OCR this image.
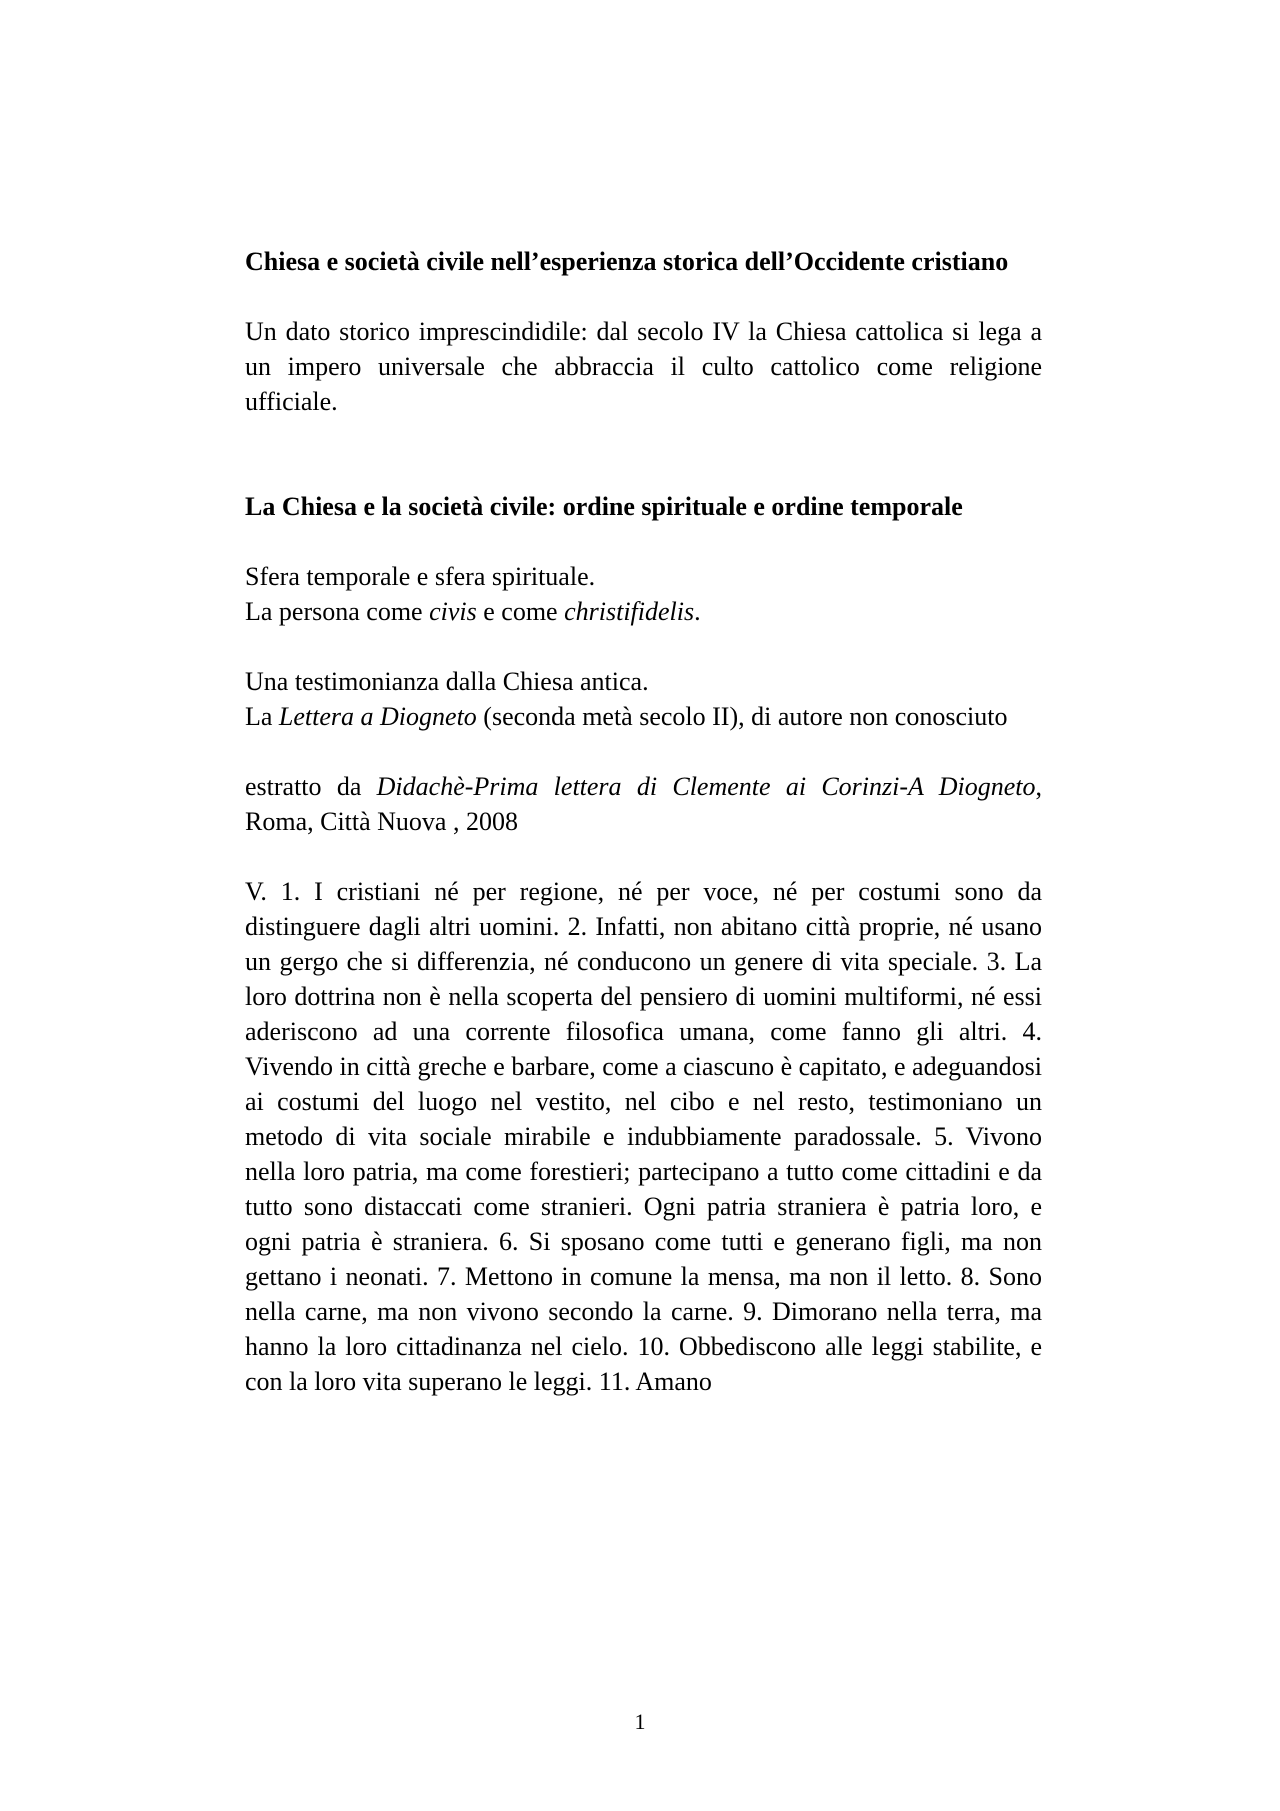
Chiesa e società civile nell’esperienza storica dell’Occidente cristiano

Un dato storico imprescindidile: dal secolo IV la Chiesa cattolica si lega a un impero universale che abbraccia il culto cattolico come religione ufficiale.

La Chiesa e la società civile: ordine spirituale e ordine temporale

Sfera temporale e sfera spirituale.

La persona come civis e come christifidelis.

Una testimonianza dalla Chiesa antica.

La Lettera a Diogneto (seconda metà secolo II), di autore non conosciuto

estratto da Didachè-Prima lettera di Clemente ai Corinzi-A Diogneto, Roma, Città Nuova , 2008

V. 1. I cristiani né per regione, né per voce, né per costumi sono da distinguere dagli altri uomini. 2. Infatti, non abitano città proprie, né usano un gergo che si differenzia, né conducono un genere di vita speciale. 3. La loro dottrina non è nella scoperta del pensiero di uomini multiformi, né essi aderiscono ad una corrente filosofica umana, come fanno gli altri. 4. Vivendo in città greche e barbare, come a ciascuno è capitato, e adeguandosi ai costumi del luogo nel vestito, nel cibo e nel resto, testimoniano un metodo di vita sociale mirabile e indubbiamente paradossale. 5. Vivono nella loro patria, ma come forestieri; partecipano a tutto come cittadini e da tutto sono distaccati come stranieri. Ogni patria straniera è patria loro, e ogni patria è straniera. 6. Si sposano come tutti e generano figli, ma non gettano i neonati. 7. Mettono in comune la mensa, ma non il letto. 8. Sono nella carne, ma non vivono secondo la carne. 9. Dimorano nella terra, ma hanno la loro cittadinanza nel cielo. 10. Obbediscono alle leggi stabilite, e con la loro vita superano le leggi. 11. Amano

1
